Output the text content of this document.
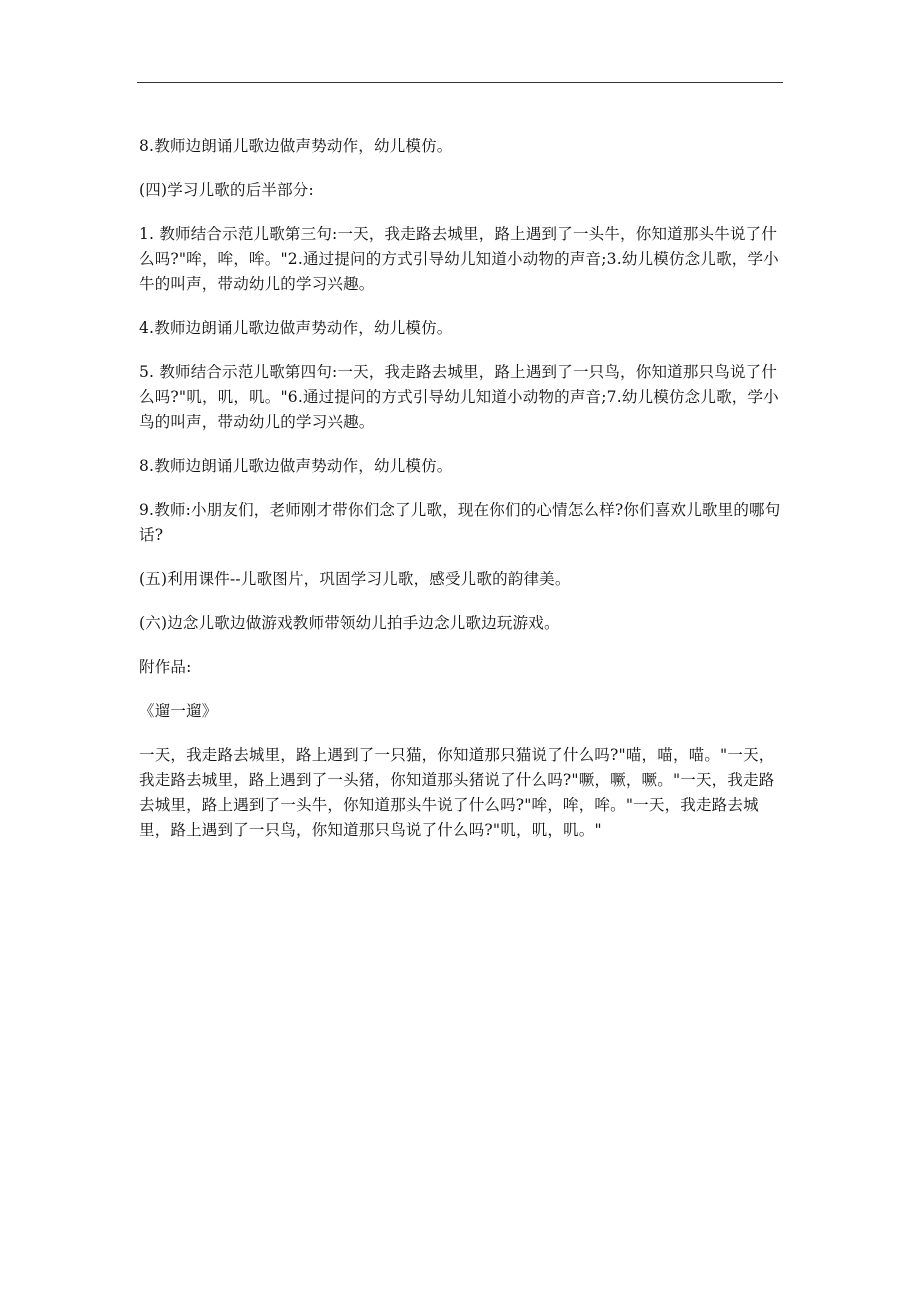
8.教师边朗诵儿歌边做声势动作，幼儿模仿。

(四)学习儿歌的后半部分:

1. 教师结合示范儿歌第三句:一天，我走路去城里，路上遇到了一头牛，你知道那头牛说了什么吗?"哞，哞，哞。"2.通过提问的方式引导幼儿知道小动物的声音;3.幼儿模仿念儿歌，学小牛的叫声，带动幼儿的学习兴趣。

4.教师边朗诵儿歌边做声势动作，幼儿模仿。

5. 教师结合示范儿歌第四句:一天，我走路去城里，路上遇到了一只鸟，你知道那只鸟说了什么吗?"叽，叽，叽。"6.通过提问的方式引导幼儿知道小动物的声音;7.幼儿模仿念儿歌，学小鸟的叫声，带动幼儿的学习兴趣。

8.教师边朗诵儿歌边做声势动作，幼儿模仿。

9.教师:小朋友们，老师刚才带你们念了儿歌，现在你们的心情怎么样?你们喜欢儿歌里的哪句话?

(五)利用课件--儿歌图片，巩固学习儿歌，感受儿歌的韵律美。

(六)边念儿歌边做游戏教师带领幼儿拍手边念儿歌边玩游戏。

附作品:

《遛一遛》

一天，我走路去城里，路上遇到了一只猫，你知道那只猫说了什么吗?"喵，喵，喵。"一天，我走路去城里，路上遇到了一头猪，你知道那头猪说了什么吗?"噘，噘，噘。"一天，我走路去城里，路上遇到了一头牛，你知道那头牛说了什么吗?"哞，哞，哞。"一天，我走路去城里，路上遇到了一只鸟，你知道那只鸟说了什么吗?"叽，叽，叽。"
